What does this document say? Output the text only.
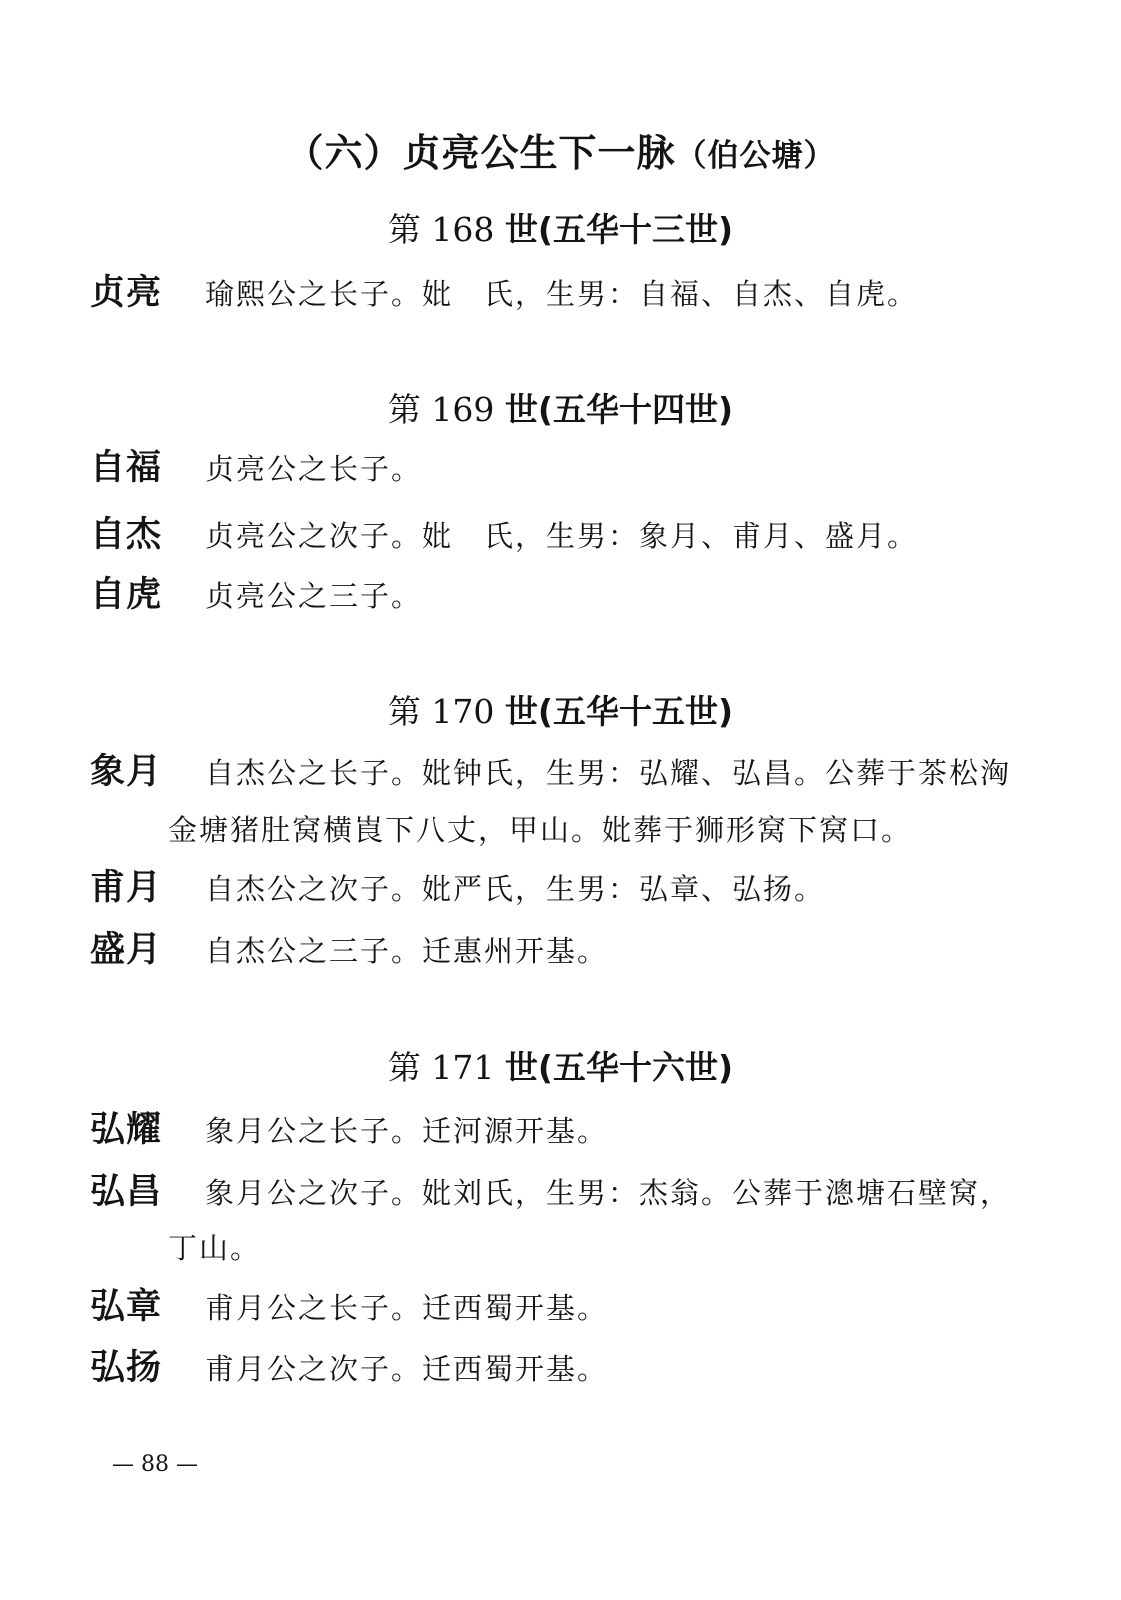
（六）贞亮公生下一脉（伯公塘）
第 168 世(五华十三世)
贞亮 瑜熙公之长子。妣　氏，生男：自福、自杰、自虎。
第 169 世(五华十四世)
自福 贞亮公之长子。
自杰 贞亮公之次子。妣　氏，生男：象月、甫月、盛月。
自虎 贞亮公之三子。
第 170 世(五华十五世)
象月 自杰公之长子。妣钟氏，生男：弘耀、弘昌。公葬于茶松洶
金塘猪肚窝横崀下八丈，甲山。妣葬于狮形窝下窝口。
甫月 自杰公之次子。妣严氏，生男：弘章、弘扬。
盛月 自杰公之三子。迁惠州开基。
第 171 世(五华十六世)
弘耀 象月公之长子。迁河源开基。
弘昌 象月公之次子。妣刘氏，生男：杰翁。公葬于漗塘石壁窝，
丁山。
弘章 甫月公之长子。迁西蜀开基。
弘扬 甫月公之次子。迁西蜀开基。
— 88 —
